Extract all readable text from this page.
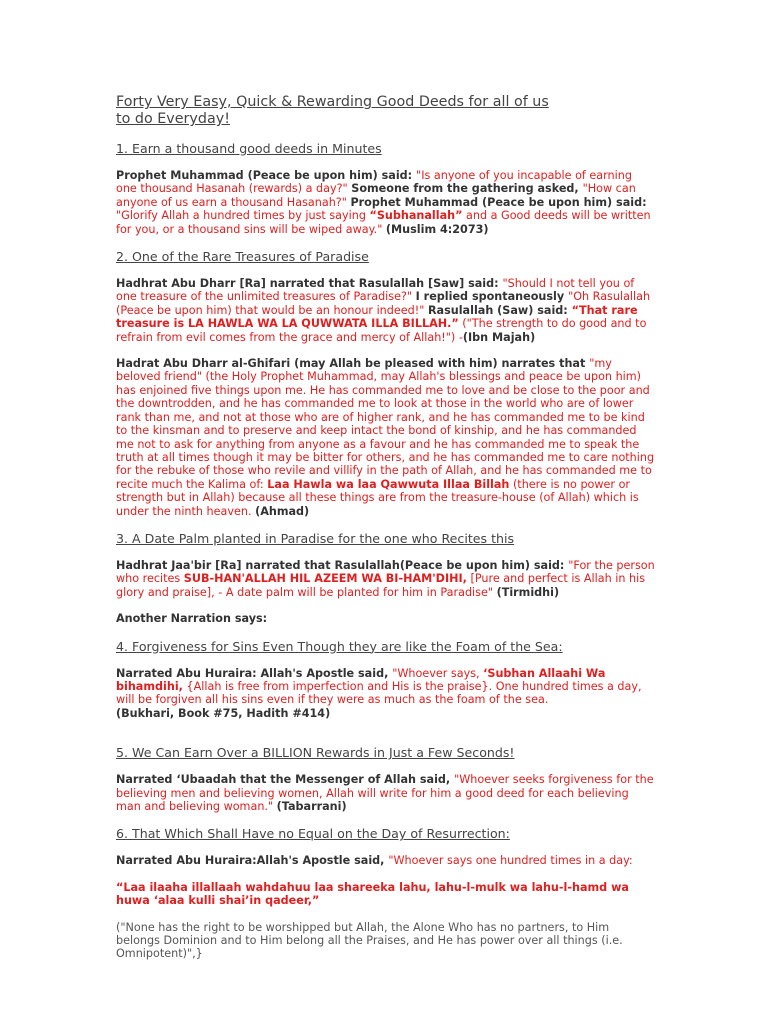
Forty Very Easy, Quick & Rewarding Good Deeds for all of us
to do Everyday!
1. Earn a thousand good deeds in Minutes

Prophet Muhammad (Peace be upon him) said: "Is anyone of you incapable of earning one thousand Hasanah (rewards) a day?" Someone from the gathering asked, "How can anyone of us earn a thousand Hasanah?" Prophet Muhammad (Peace be upon him) said: "Glorify Allah a hundred times by just saying “Subhanallah” and a Good deeds will be written for you, or a thousand sins will be wiped away." (Muslim 4:2073)

2. One of the Rare Treasures of Paradise

Hadhrat Abu Dharr [Ra] narrated that Rasulallah [Saw] said: "Should I not tell you of one treasure of the unlimited treasures of Paradise?" I replied spontaneously "Oh Rasulallah (Peace be upon him) that would be an honour indeed!" Rasulallah (Saw) said: “That rare treasure is LA HAWLA WA LA QUWWATA ILLA BILLAH.” ("The strength to do good and to refrain from evil comes from the grace and mercy of Allah!") -(Ibn Majah)

Hadrat Abu Dharr al-Ghifari (may Allah be pleased with him) narrates that "my beloved friend" (the Holy Prophet Muhammad, may Allah's blessings and peace be upon him) has enjoined five things upon me. He has commanded me to love and be close to the poor and the downtrodden, and he has commanded me to look at those in the world who are of lower rank than me, and not at those who are of higher rank, and he has commanded me to be kind to the kinsman and to preserve and keep intact the bond of kinship, and he has commanded me not to ask for anything from anyone as a favour and he has commanded me to speak the truth at all times though it may be bitter for others, and he has commanded me to care nothing for the rebuke of those who revile and villify in the path of Allah, and he has commanded me to recite much the Kalima of: Laa Hawla wa laa Qawwuta Illaa Billah (there is no power or strength but in Allah) because all these things are from the treasure-house (of Allah) which is under the ninth heaven. (Ahmad)

3. A Date Palm planted in Paradise for the one who Recites this

Hadhrat Jaa'bir [Ra] narrated that Rasulallah(Peace be upon him) said: "For the person who recites SUB-HAN'ALLAH HIL AZEEM WA BI-HAM'DIHI, [Pure and perfect is Allah in his glory and praise], - A date palm will be planted for him in Paradise" (Tirmidhi)

Another Narration says:

4. Forgiveness for Sins Even Though they are like the Foam of the Sea:

Narrated Abu Huraira: Allah's Apostle said, "Whoever says, ‘Subhan Allaahi Wa bihamdihi, {Allah is free from imperfection and His is the praise}. One hundred times a day, will be forgiven all his sins even if they were as much as the foam of the sea.
(Bukhari, Book #75, Hadith #414)

5. We Can Earn Over a BILLION Rewards in Just a Few Seconds!

Narrated ‘Ubaadah that the Messenger of Allah said, "Whoever seeks forgiveness for the believing men and believing women, Allah will write for him a good deed for each believing man and believing woman." (Tabarrani)

6. That Which Shall Have no Equal on the Day of Resurrection:

Narrated Abu Huraira:Allah's Apostle said, "Whoever says one hundred times in a day:

“Laa ilaaha illallaah wahdahuu laa shareeka lahu, lahu-l-mulk wa lahu-l-hamd wa huwa ‘alaa kulli shai’in qadeer,”

("None has the right to be worshipped but Allah, the Alone Who has no partners, to Him belongs Dominion and to Him belong all the Praises, and He has power over all things (i.e. Omnipotent)",}
